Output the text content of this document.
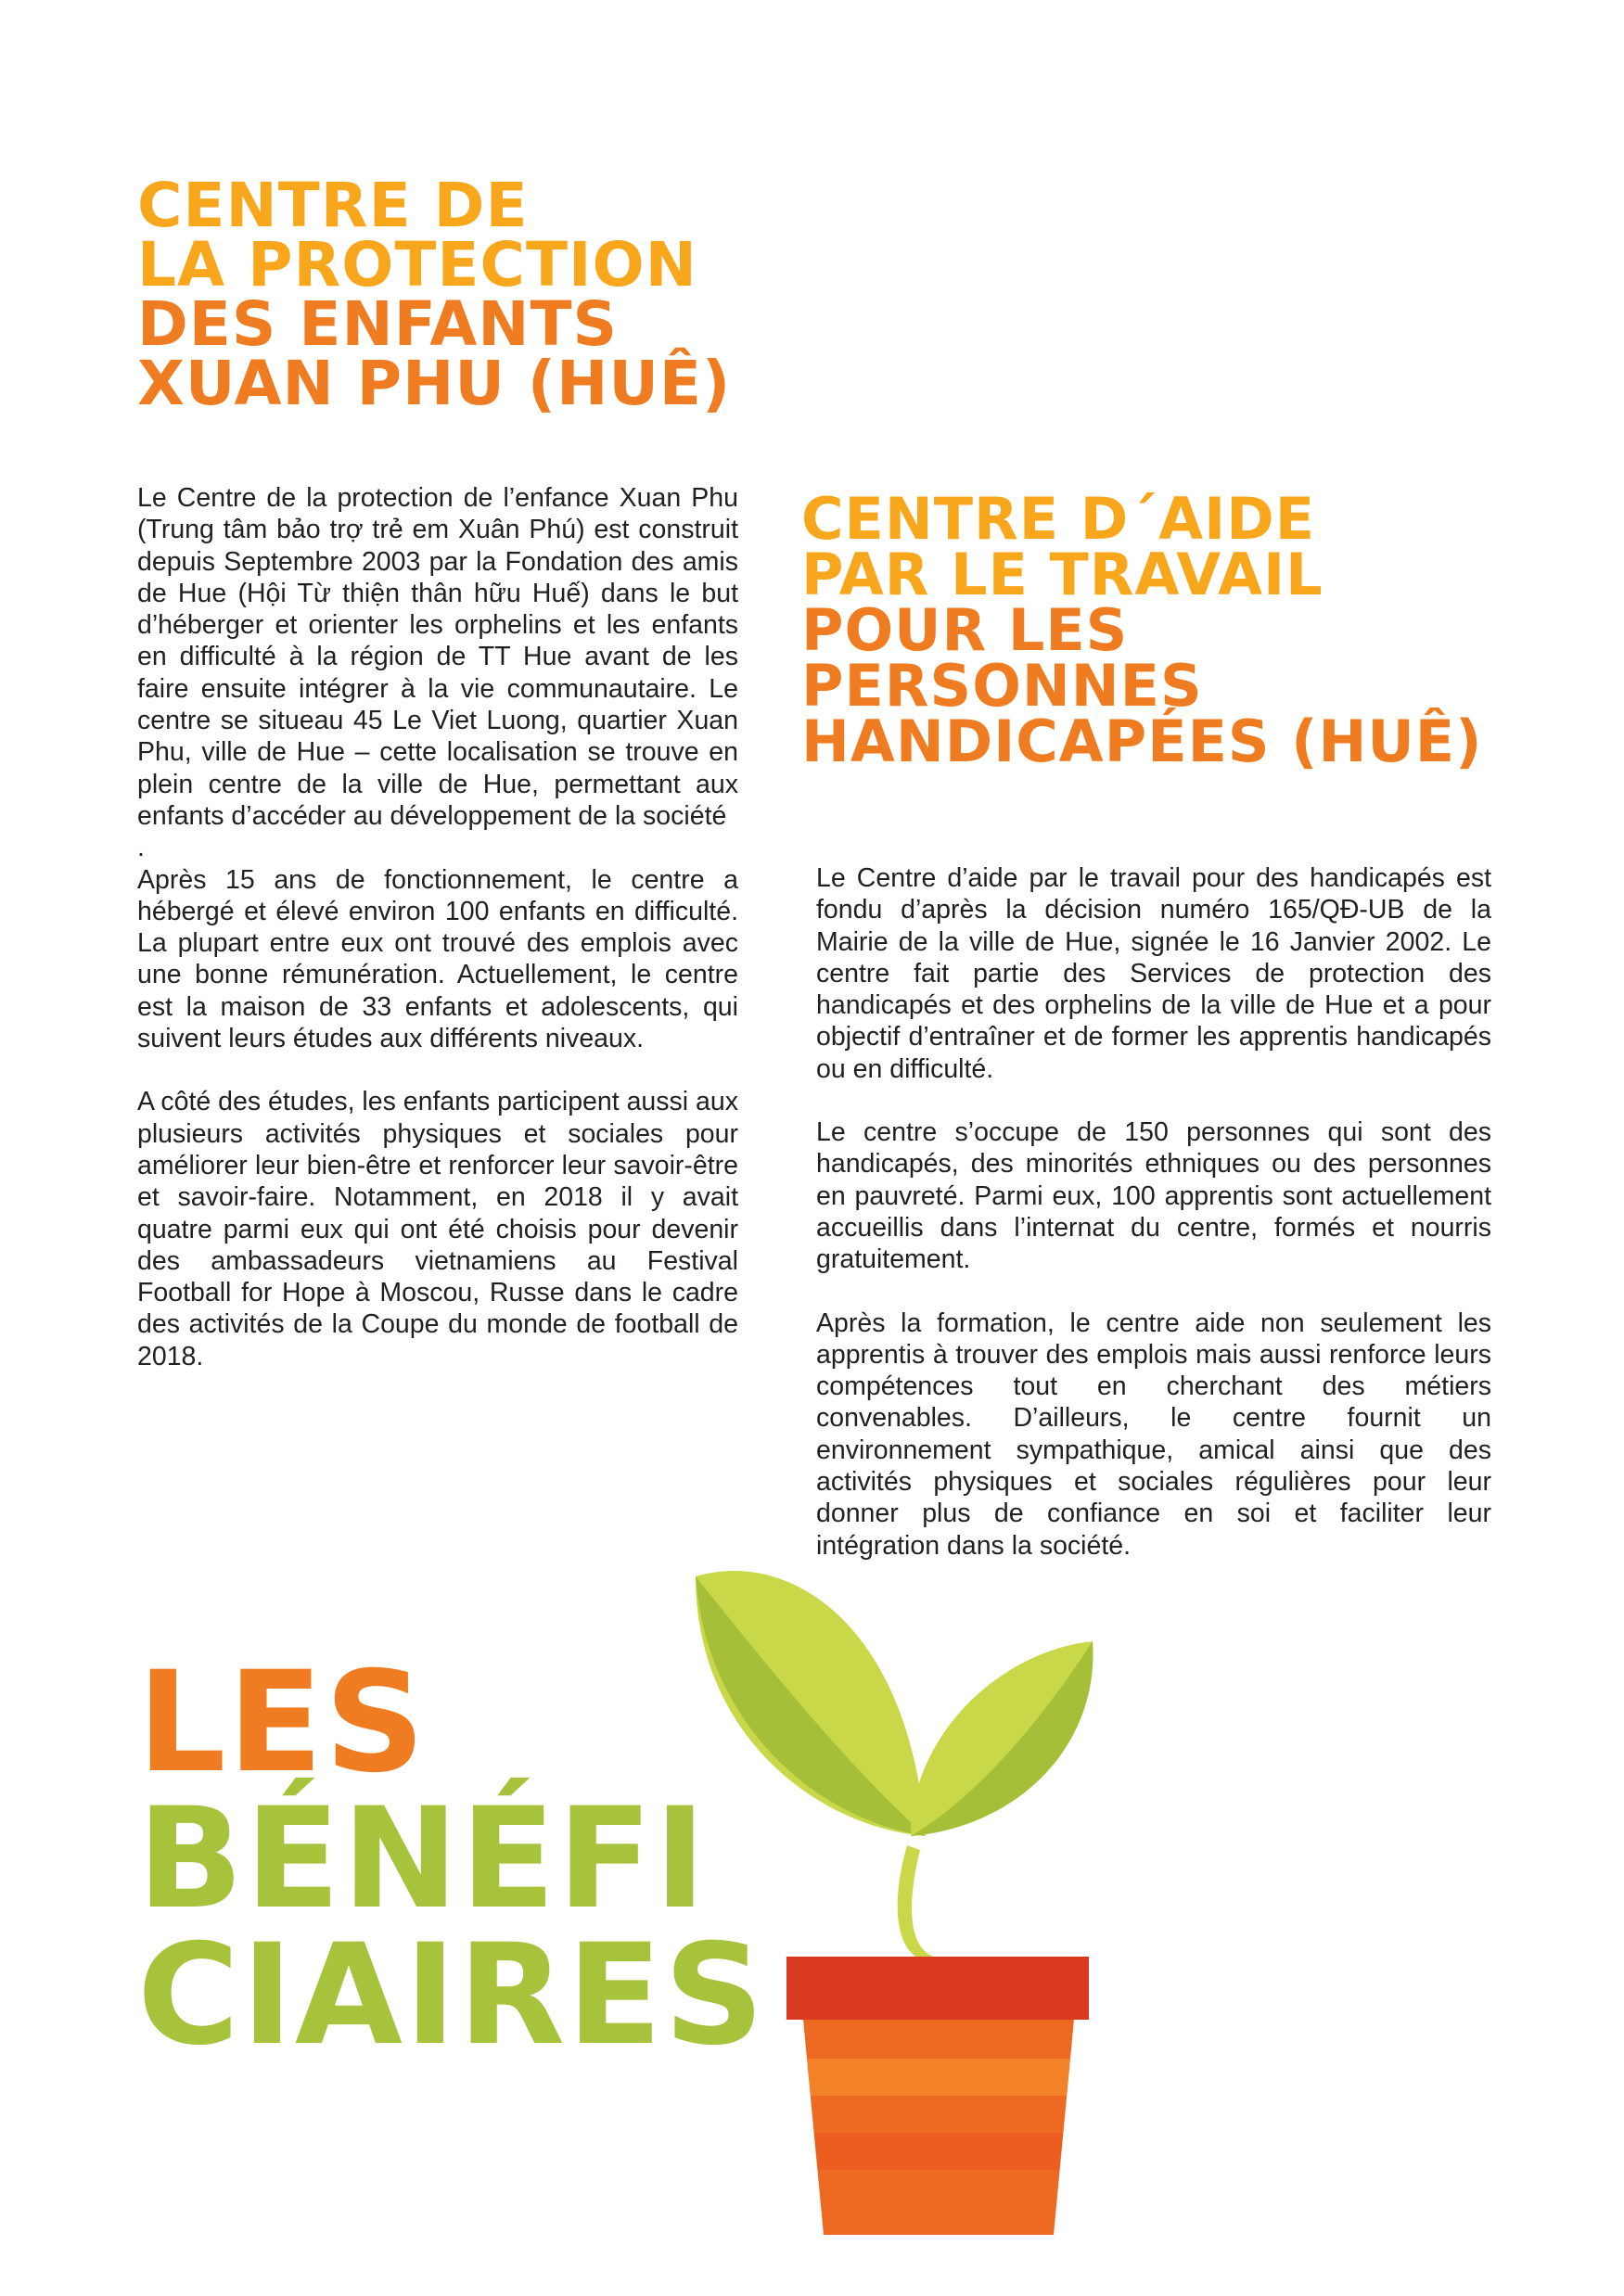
CENTRE DE
LA PROTECTION
DES ENFANTS
XUAN PHU (HUÊ)

Le Centre de la protection de l’enfance Xuan Phu (Trung tâm bảo trợ trẻ em Xuân Phú) est construit depuis Septembre 2003 par la Fondation des amis de Hue (Hội Từ thiện thân hữu Huế) dans le but d’héberger et orienter les orphelins et les enfants en difficulté à la région de TT Hue avant de les faire ensuite intégrer à la vie communautaire. Le centre se situeau 45 Le Viet Luong, quartier Xuan Phu, ville de Hue – cette localisation se trouve en plein centre de la ville de Hue, permettant aux enfants d’accéder au développement de la société

.

Après 15 ans de fonctionnement, le centre a hébergé et élevé environ 100 enfants en difficulté. La plupart entre eux ont trouvé des emplois avec une bonne rémunération. Actuellement, le centre est la maison de 33 enfants et adolescents, qui suivent leurs études aux différents niveaux.

A côté des études, les enfants participent aussi aux plusieurs activités physiques et sociales pour améliorer leur bien-être et renforcer leur savoir-être et savoir-faire. Notamment, en 2018 il y avait quatre parmi eux qui ont été choisis pour devenir des ambassadeurs vietnamiens au Festival Football for Hope à Moscou, Russe dans le cadre des activités de la Coupe du monde de football de 2018.

CENTRE D´AIDE
PAR LE TRAVAIL
POUR LES
PERSONNES
HANDICAPÉES (HUÊ)

Le Centre d’aide par le travail pour des handicapés est fondu d’après la décision numéro 165/QĐ-UB de la Mairie de la ville de Hue, signée le 16 Janvier 2002. Le centre fait partie des Services de protection des handicapés et des orphelins de la ville de Hue et a pour objectif d’entraîner et de former les apprentis handicapés ou en difficulté.

Le centre s’occupe de 150 personnes qui sont des handicapés, des minorités ethniques ou des personnes en pauvreté. Parmi eux, 100 apprentis sont actuellement accueillis dans l’internat du centre, formés et nourris gratuitement.

Après la formation, le centre aide non seulement les apprentis à trouver des emplois mais aussi renforce leurs compétences tout en cherchant des métiers convenables. D’ailleurs, le centre fournit un environnement sympathique, amical ainsi que des activités physiques et sociales régulières pour leur donner plus de confiance en soi et faciliter leur intégration dans la société.

LES
BÉNÉFI
CIAIRES
